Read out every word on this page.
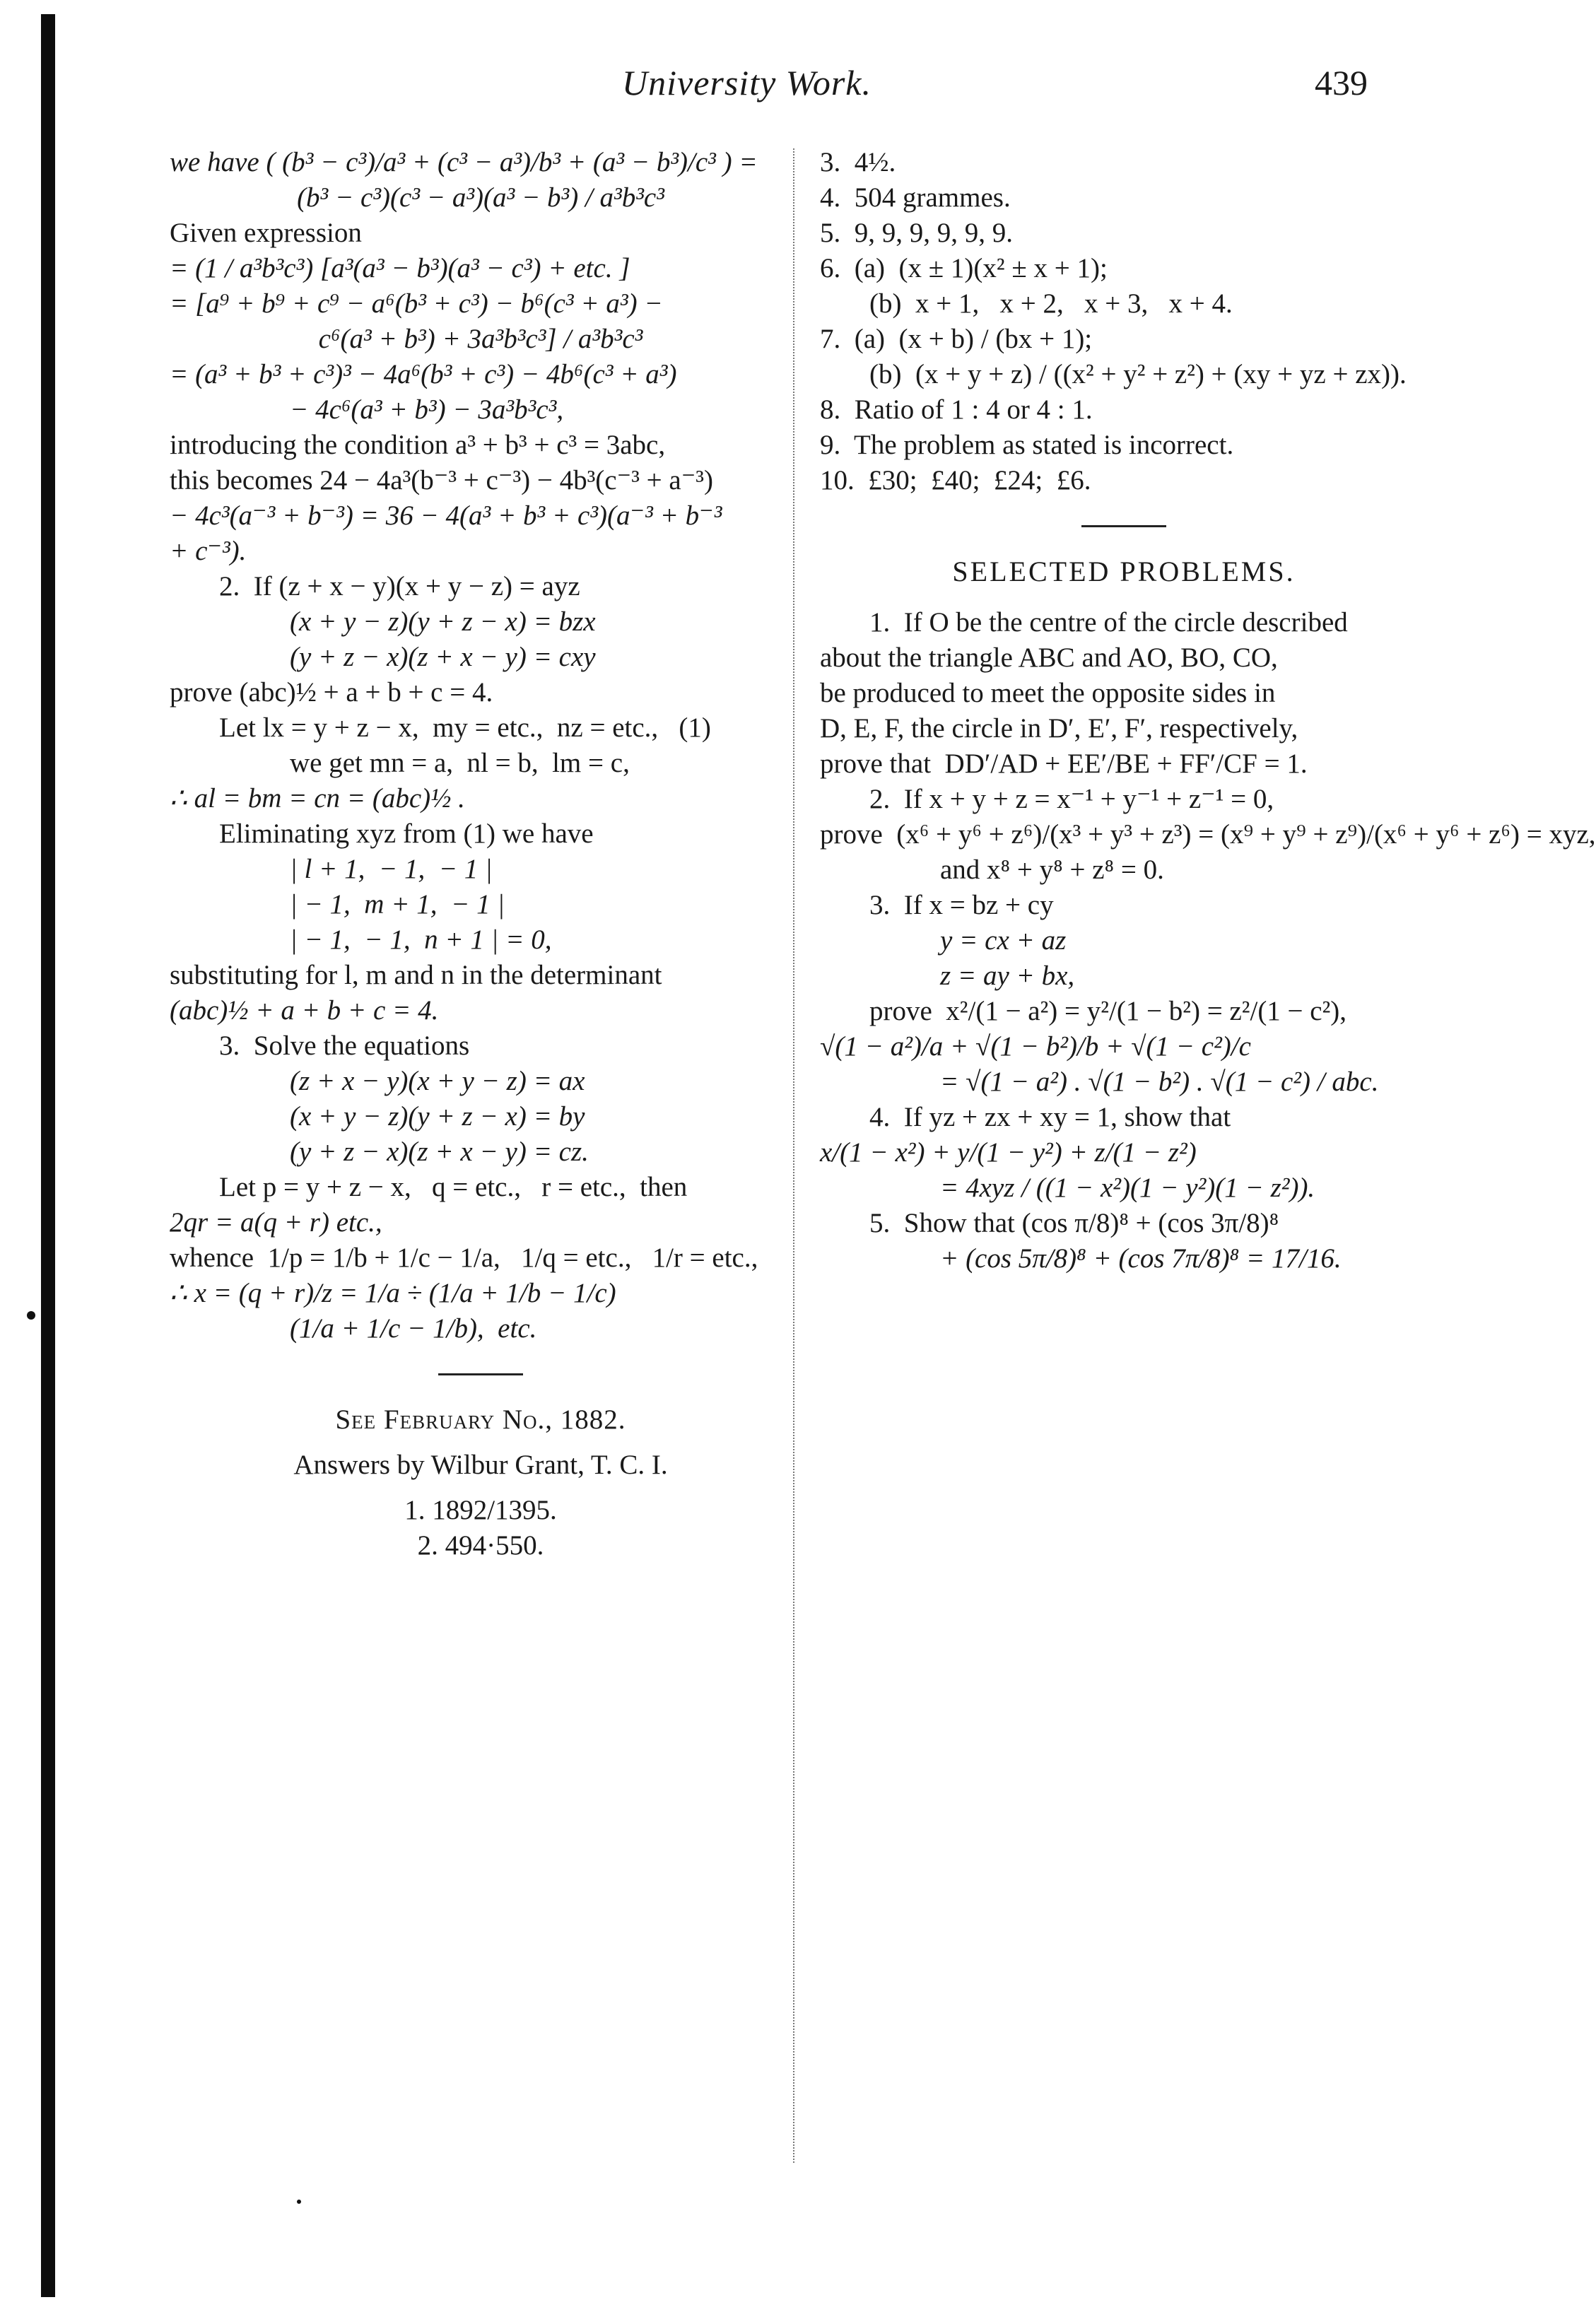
University Work.	439
we have ( (b³ − c³)/a³ + (c³ − a³)/b³ + (a³ − b³)/c³ ) =
(b³ − c³)(c³ − a³)(a³ − b³) / a³b³c³
Given expression
= (1 / a³b³c³) [a³(a³ − b³)(a³ − c³) + etc. ]
= [a⁹ + b⁹ + c⁹ − a⁶(b³ + c³) − b⁶(c³ + a³) −
c⁶(a³ + b³) + 3a³b³c³] / a³b³c³
= (a³ + b³ + c³)³ − 4a⁶(b³ + c³) − 4b⁶(c³ + a³)
− 4c⁶(a³ + b³) − 3a³b³c³,
introducing the condition a³ + b³ + c³ = 3abc,
this becomes 24 − 4a³(b⁻³ + c⁻³) − 4b³(c⁻³ + a⁻³)
− 4c³(a⁻³ + b⁻³) = 36 − 4(a³ + b³ + c³)(a⁻³ + b⁻³
+ c⁻³).
2.  If (z + x − y)(x + y − z) = ayz
(x + y − z)(y + z − x) = bzx
(y + z − x)(z + x − y) = cxy
prove (abc)½ + a + b + c = 4.
Let lx = y + z − x,  my = etc.,  nz = etc.,   (1)
we get mn = a,  nl = b,  lm = c,
∴ al = bm = cn = (abc)½ .
Eliminating xyz from (1) we have
| l + 1,  − 1,  − 1 |
| − 1,  m + 1,  − 1 |
| − 1,  − 1,  n + 1 | = 0,
substituting for l, m and n in the determinant
(abc)½ + a + b + c = 4.
3.  Solve the equations
(z + x − y)(x + y − z) = ax
(x + y − z)(y + z − x) = by
(y + z − x)(z + x − y) = cz.
Let p = y + z − x,   q = etc.,   r = etc.,  then
2qr = a(q + r) etc.,
whence  1/p = 1/b + 1/c − 1/a,   1/q = etc.,   1/r = etc.,
∴ x = (q + r)/z = 1/a ÷ (1/a + 1/b − 1/c)
(1/a + 1/c − 1/b),  etc.
See February No., 1882.
Answers by Wilbur Grant, T. C. I.
1. 1892/1395.
2. 494·550.
3.  4½.
4.  504 grammes.
5.  9, 9, 9, 9, 9, 9.
6.  (a)  (x ± 1)(x² ± x + 1);
(b)  x + 1,   x + 2,   x + 3,   x + 4.
7.  (a)  (x + b) / (bx + 1);
(b)  (x + y + z) / ((x² + y² + z²) + (xy + yz + zx)).
8.  Ratio of 1 : 4 or 4 : 1.
9.  The problem as stated is incorrect.
10.  £30;  £40;  £24;  £6.
SELECTED PROBLEMS.
1.  If O be the centre of the circle described
about the triangle ABC and AO, BO, CO,
be produced to meet the opposite sides in
D, E, F, the circle in D′, E′, F′, respectively,
prove that  DD′/AD + EE′/BE + FF′/CF = 1.
2.  If x + y + z = x⁻¹ + y⁻¹ + z⁻¹ = 0,
prove  (x⁶ + y⁶ + z⁶)/(x³ + y³ + z³) = (x⁹ + y⁹ + z⁹)/(x⁶ + y⁶ + z⁶) = xyz,
and x⁸ + y⁸ + z⁸ = 0.
3.  If x = bz + cy
y = cx + az
z = ay + bx,
prove  x²/(1 − a²) = y²/(1 − b²) = z²/(1 − c²),
√(1 − a²)/a + √(1 − b²)/b + √(1 − c²)/c
= √(1 − a²) . √(1 − b²) . √(1 − c²) / abc.
4.  If yz + zx + xy = 1, show that
x/(1 − x²) + y/(1 − y²) + z/(1 − z²)
= 4xyz / ((1 − x²)(1 − y²)(1 − z²)).
5.  Show that (cos π/8)⁸ + (cos 3π/8)⁸
+ (cos 5π/8)⁸ + (cos 7π/8)⁸ = 17/16.
